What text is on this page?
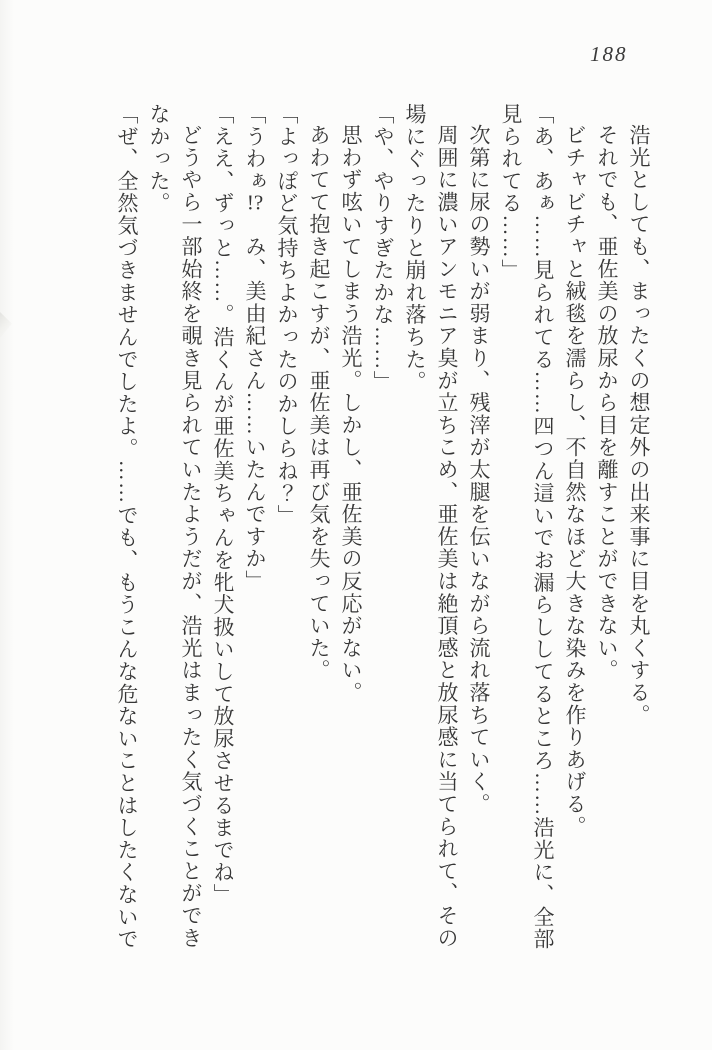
188

浩光としても、まったくの想定外の出来事に目を丸くする。

それでも、亜佐美の放尿から目を離すことができない。

ビチャビチャと絨毯を濡らし、不自然なほど大きな染みを作りあげる。

「あ、あぁ……見られてる……四つん這いでお漏らししてるところ……浩光に、全部見られてる……」

次第に尿の勢いが弱まり、残滓が太腿を伝いながら流れ落ちていく。

周囲に濃いアンモニア臭が立ちこめ、亜佐美は絶頂感と放尿感に当てられて、その場にぐったりと崩れ落ちた。

「や、やりすぎたかな……」

思わず呟いてしまう浩光。しかし、亜佐美の反応がない。

あわてて抱き起こすが、亜佐美は再び気を失っていた。

「よっぽど気持ちよかったのかしらね？」

「うわぁ!?　み、美由紀さん……いたんですか」

「ええ、ずっと……。浩くんが亜佐美ちゃんを牝犬扱いして放尿させるまでね」

どうやら一部始終を覗き見られていたようだが、浩光はまったく気づくことができなかった。

「ぜ、全然気づきませんでしたよ。……でも、もうこんな危ないことはしたくないで
